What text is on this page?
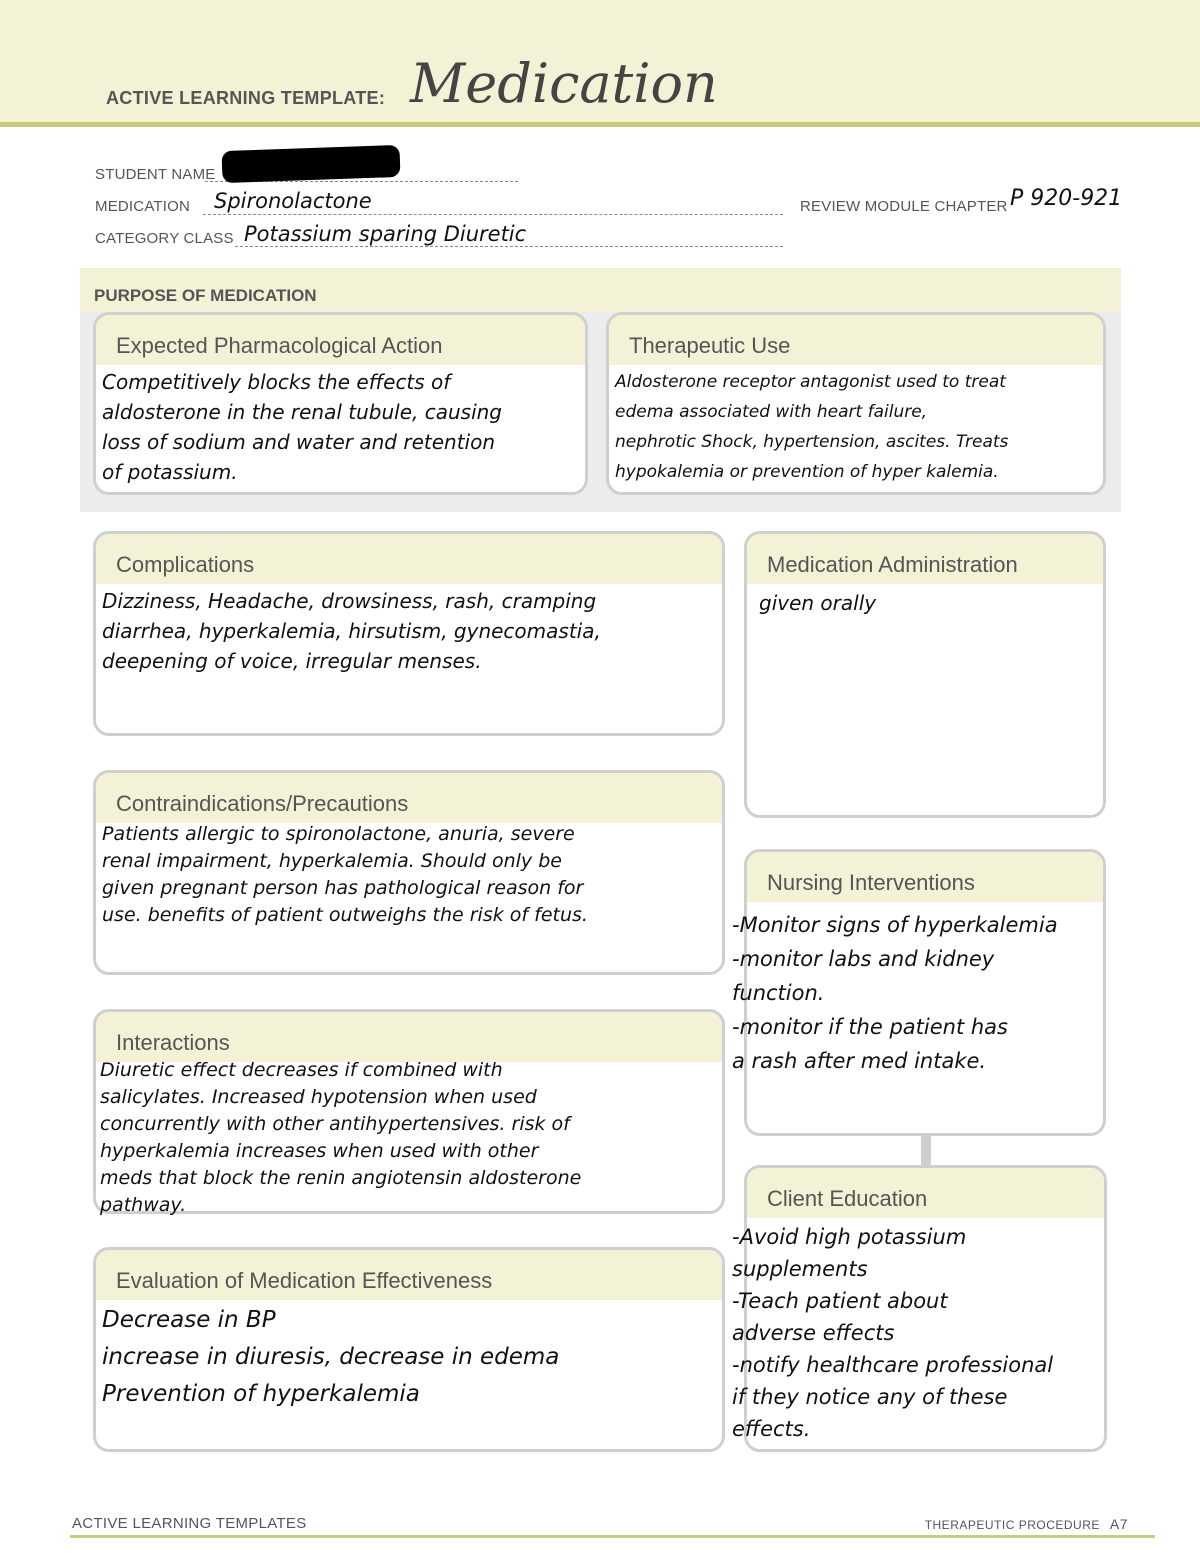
ACTIVE LEARNING TEMPLATE: Medication
STUDENT NAME
MEDICATION Spironolactone	REVIEW MODULE CHAPTER P 920-921
CATEGORY CLASS Potassium sparing Diuretic
PURPOSE OF MEDICATION
Expected Pharmacological Action
Competitively blocks the effects of
aldosterone in the renal tubule, causing
loss of sodium and water and retention
of potassium.
Therapeutic Use
Aldosterone receptor antagonist used to treat
edema associated with heart failure,
nephrotic Shock, hypertension, ascites. Treats
hypokalemia or prevention of hyper kalemia.
Complications
Dizziness, Headache, drowsiness, rash, cramping
diarrhea, hyperkalemia, hirsutism, gynecomastia,
deepening of voice, irregular menses.
Medication Administration
given orally
Contraindications/Precautions
Patients allergic to spironolactone, anuria, severe
renal impairment, hyperkalemia. Should only be
given pregnant person has pathological reason for
use. benefits of patient outweighs the risk of fetus.
Nursing Interventions
-Monitor signs of hyperkalemia
-monitor labs and kidney
function.
-monitor if the patient has
a rash after med intake.
Interactions
Diuretic effect decreases if combined with
salicylates. Increased hypotension when used
concurrently with other antihypertensives. risk of
hyperkalemia increases when used with other
meds that block the renin angiotensin aldosterone
pathway.	Client Education
-Avoid high potassium
supplements
-Teach patient about
adverse effects
-notify healthcare professional
if they notice any of these
effects.
Evaluation of Medication Effectiveness
Decrease in BP
increase in diuresis, decrease in edema
Prevention of hyperkalemia
ACTIVE LEARNING TEMPLATES	THERAPEUTIC PROCEDURE A7
